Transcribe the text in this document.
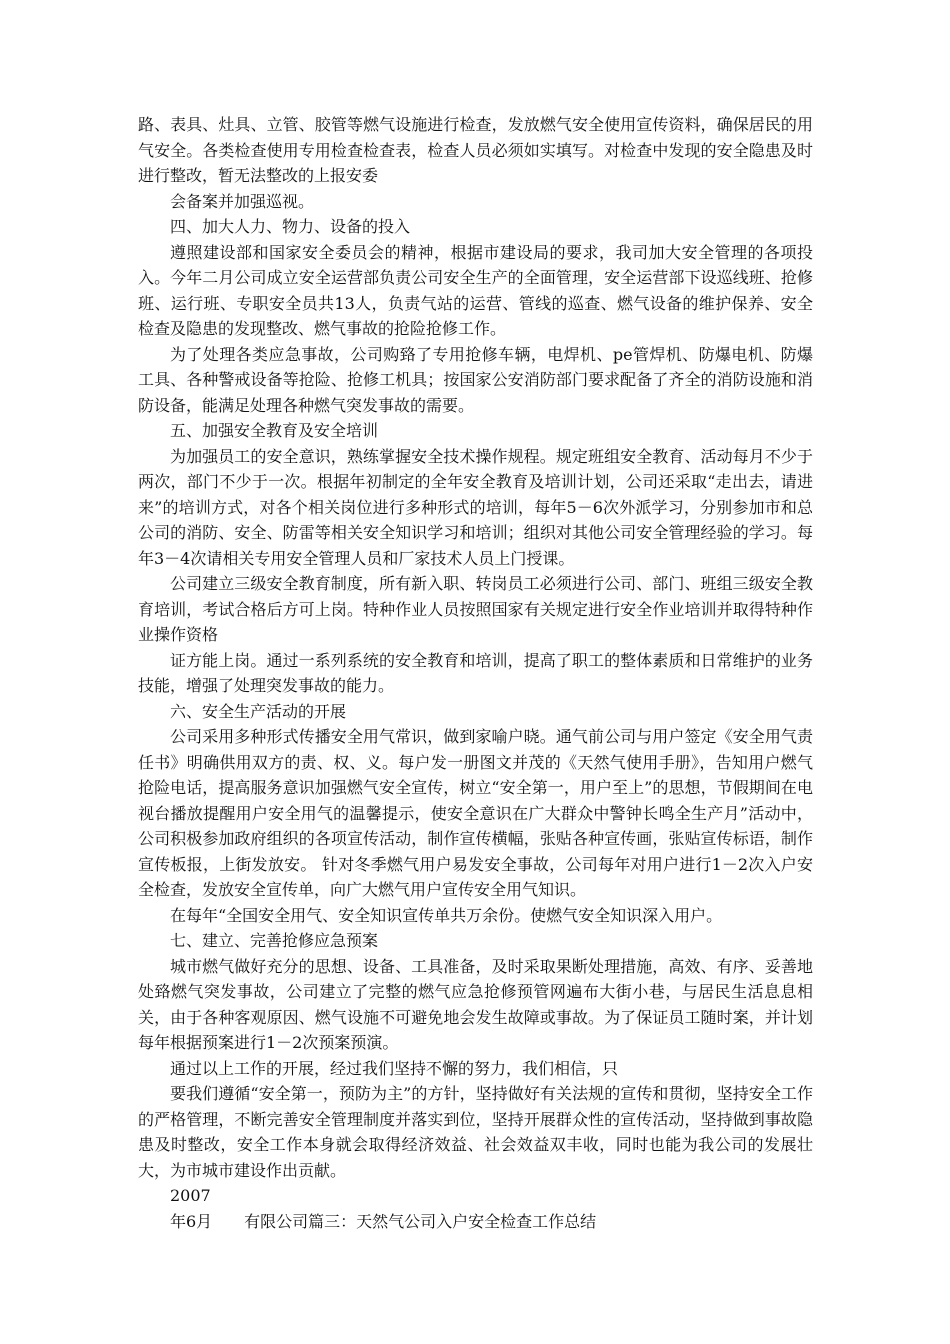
路、表具、灶具、立管、胶管等燃气设施进行检查，发放燃气安全使用宣传资料，确保居民的用气安全。各类检查使用专用检查检查表，检查人员必须如实填写。对检查中发现的安全隐患及时进行整改，暂无法整改的上报安委

会备案并加强巡视。

四、加大人力、物力、设备的投入

遵照建设部和国家安全委员会的精神，根据市建设局的要求，我司加大安全管理的各项投入。今年二月公司成立安全运营部负责公司安全生产的全面管理，安全运营部下设巡线班、抢修班、运行班、专职安全员共13人，负责气站的运营、管线的巡查、燃气设备的维护保养、安全检查及隐患的发现整改、燃气事故的抢险抢修工作。

为了处理各类应急事故，公司购臵了专用抢修车辆，电焊机、pe管焊机、防爆电机、防爆工具、各种警戒设备等抢险、抢修工机具；按国家公安消防部门要求配备了齐全的消防设施和消防设备，能满足处理各种燃气突发事故的需要。

五、加强安全教育及安全培训

为加强员工的安全意识，熟练掌握安全技术操作规程。规定班组安全教育、活动每月不少于两次，部门不少于一次。根据年初制定的全年安全教育及培训计划，公司还采取“走出去，请进来”的培训方式，对各个相关岗位进行多种形式的培训，每年5－6次外派学习，分别参加市和总公司的消防、安全、防雷等相关安全知识学习和培训；组织对其他公司安全管理经验的学习。每年3－4次请相关专用安全管理人员和厂家技术人员上门授课。

公司建立三级安全教育制度，所有新入职、转岗员工必须进行公司、部门、班组三级安全教育培训，考试合格后方可上岗。特种作业人员按照国家有关规定进行安全作业培训并取得特种作业操作资格

证方能上岗。通过一系列系统的安全教育和培训，提高了职工的整体素质和日常维护的业务技能，增强了处理突发事故的能力。

六、安全生产活动的开展

公司采用多种形式传播安全用气常识，做到家喻户晓。通气前公司与用户签定《安全用气责任书》明确供用双方的责、权、义。每户发一册图文并茂的《天然气使用手册》，告知用户燃气抢险电话，提高服务意识加强燃气安全宣传，树立“安全第一，用户至上”的思想，节假期间在电视台播放提醒用户安全用气的温馨提示，使安全意识在广大群众中警钟长鸣全生产月”活动中，公司积极参加政府组织的各项宣传活动，制作宣传横幅，张贴各种宣传画，张贴宣传标语，制作宣传板报，上街发放安。 针对冬季燃气用户易发安全事故，公司每年对用户进行1－2次入户安全检查，发放安全宣传单，向广大燃气用户宣传安全用气知识。

在每年“全国安全用气、安全知识宣传单共万余份。使燃气安全知识深入用户。

七、建立、完善抢修应急预案

城市燃气做好充分的思想、设备、工具准备，及时采取果断处理措施，高效、有序、妥善地处臵燃气突发事故，公司建立了完整的燃气应急抢修预管网遍布大街小巷，与居民生活息息相关，由于各种客观原因、燃气设施不可避免地会发生故障或事故。为了保证员工随时案，并计划每年根据预案进行1－2次预案预演。

通过以上工作的开展，经过我们坚持不懈的努力，我们相信，只

要我们遵循“安全第一，预防为主”的方针，坚持做好有关法规的宣传和贯彻，坚持安全工作的严格管理，不断完善安全管理制度并落实到位，坚持开展群众性的宣传活动，坚持做到事故隐患及时整改，安全工作本身就会取得经济效益、社会效益双丰收，同时也能为我公司的发展壮大，为市城市建设作出贡献。

2007

年6月　　有限公司篇三：天然气公司入户安全检查工作总结
